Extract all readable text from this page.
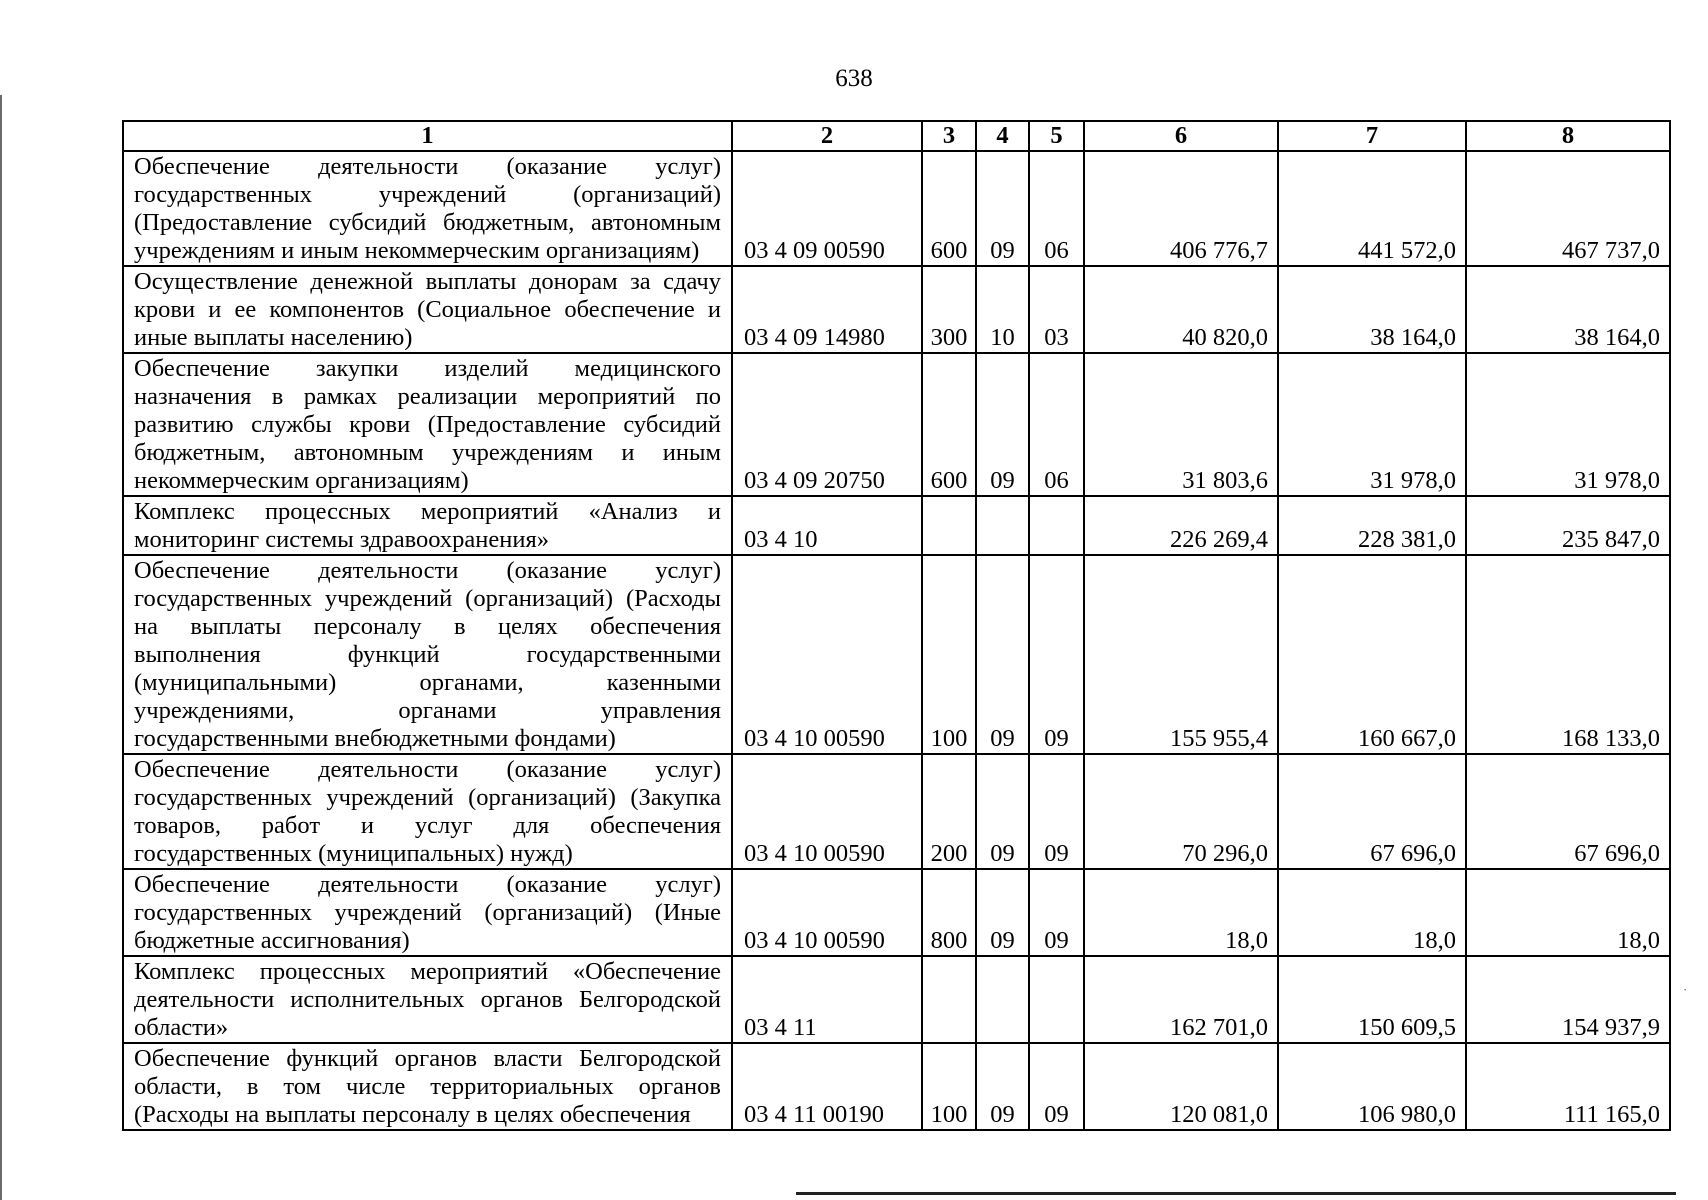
638
1	2	3	4	5	6	7	8
Обеспечение деятельности (оказание услуг) государственных учреждений (организаций) (Предоставление субсидий бюджетным, автономным учреждениям и иным некоммерческим организациям)	03 4 09 00590	600	09	06	406 776,7	441 572,0	467 737,0
Осуществление денежной выплаты донорам за сдачу крови и ее компонентов (Социальное обеспечение и иные выплаты населению)	03 4 09 14980	300	10	03	40 820,0	38 164,0	38 164,0
Обеспечение закупки изделий медицинского назначения в рамках реализации мероприятий по развитию службы крови (Предоставление субсидий бюджетным, автономным учреждениям и иным некоммерческим организациям)	03 4 09 20750	600	09	06	31 803,6	31 978,0	31 978,0
Комплекс процессных мероприятий «Анализ и мониторинг системы здравоохранения»	03 4 10				226 269,4	228 381,0	235 847,0
Обеспечение деятельности (оказание услуг) государственных учреждений (организаций) (Расходы на выплаты персоналу в целях обеспечения выполнения функций государственными (муниципальными) органами, казенными учреждениями, органами управления государственными внебюджетными фондами)	03 4 10 00590	100	09	09	155 955,4	160 667,0	168 133,0
Обеспечение деятельности (оказание услуг) государственных учреждений (организаций) (Закупка товаров, работ и услуг для обеспечения государственных (муниципальных) нужд)	03 4 10 00590	200	09	09	70 296,0	67 696,0	67 696,0
Обеспечение деятельности (оказание услуг) государственных учреждений (организаций) (Иные бюджетные ассигнования)	03 4 10 00590	800	09	09	18,0	18,0	18,0
Комплекс процессных мероприятий «Обеспечение деятельности исполнительных органов Белгородской области»	03 4 11				162 701,0	150 609,5	154 937,9
Обеспечение функций органов власти Белгородской области, в том числе территориальных органов (Расходы на выплаты персоналу в целях обеспечения	03 4 11 00190	100	09	09	120 081,0	106 980,0	111 165,0
·
